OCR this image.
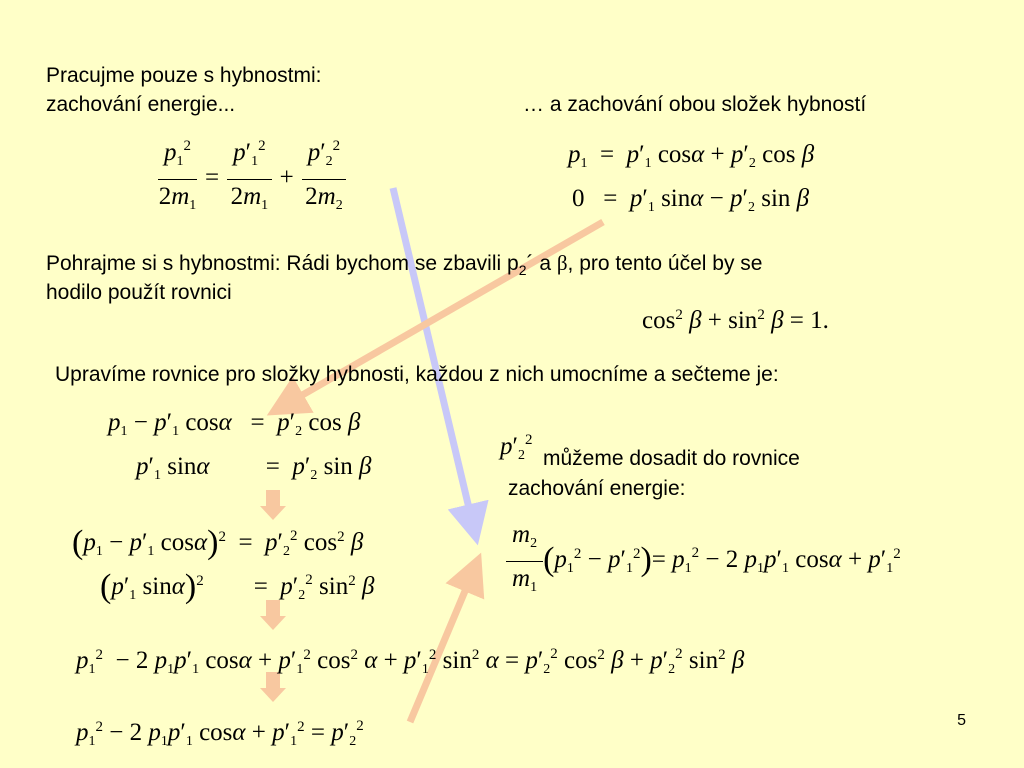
Pracujme pouze s hybnostmi:
zachování energie...	… a zachování obou složek hybností
Pohrajme si s hybnostmi: Rádi bychom se zbavili $p_2´$ a β, pro tento účel by se
hodilo použít rovnici
Upravíme rovnice pro složky hybnosti, každou z nich umocníme a sečteme je:
můžeme dosadit do rovnice
zachování energie:
$\frac{p_1^2}{2m_1} = \frac{p'_1^2}{2m_1} + \frac{p'_2^2}{2m_2}$	$p_1 = p'_1$ $\cos\alpha + p'_2$ cos β
$0 = p'_1$ $\sin\alpha - p'_2$ sin β
$\cos^2 \beta + \sin^2 \beta = 1$.
$p_1 - p'_1$ $\cos\alpha = p'_2$ cos β
$p'_1$ sinα         =  $p'_2$ sin β
$p'_2^2$
($p_1 - p'_1$ $\cos\alpha)^2 = p'_2^2$ $\cos^2 \beta$
($p'_1$ sinα)$^2$        =  $p'_2^2$ $\sin^2 \beta$	$\frac{m_2}{m_1} (p_1^2 - p'_1^2)= p_1^2 - 2$ $p_1p'_1$ $\cos\alpha + p'_1^2$
$p_1^2 - 2$ $p_1p'_1$ $\cos\alpha + p'_1^2$ $\cos^2 \alpha + p'_1^2$ $\sin^2 \alpha = p'_2^2$ $\cos^2 \beta + p'_2^2$ $\sin^2 \beta$
$p_1^2 - 2$ $p_1p'_1$ $\cos\alpha + p'_1^2 = p'_2^2$	5
